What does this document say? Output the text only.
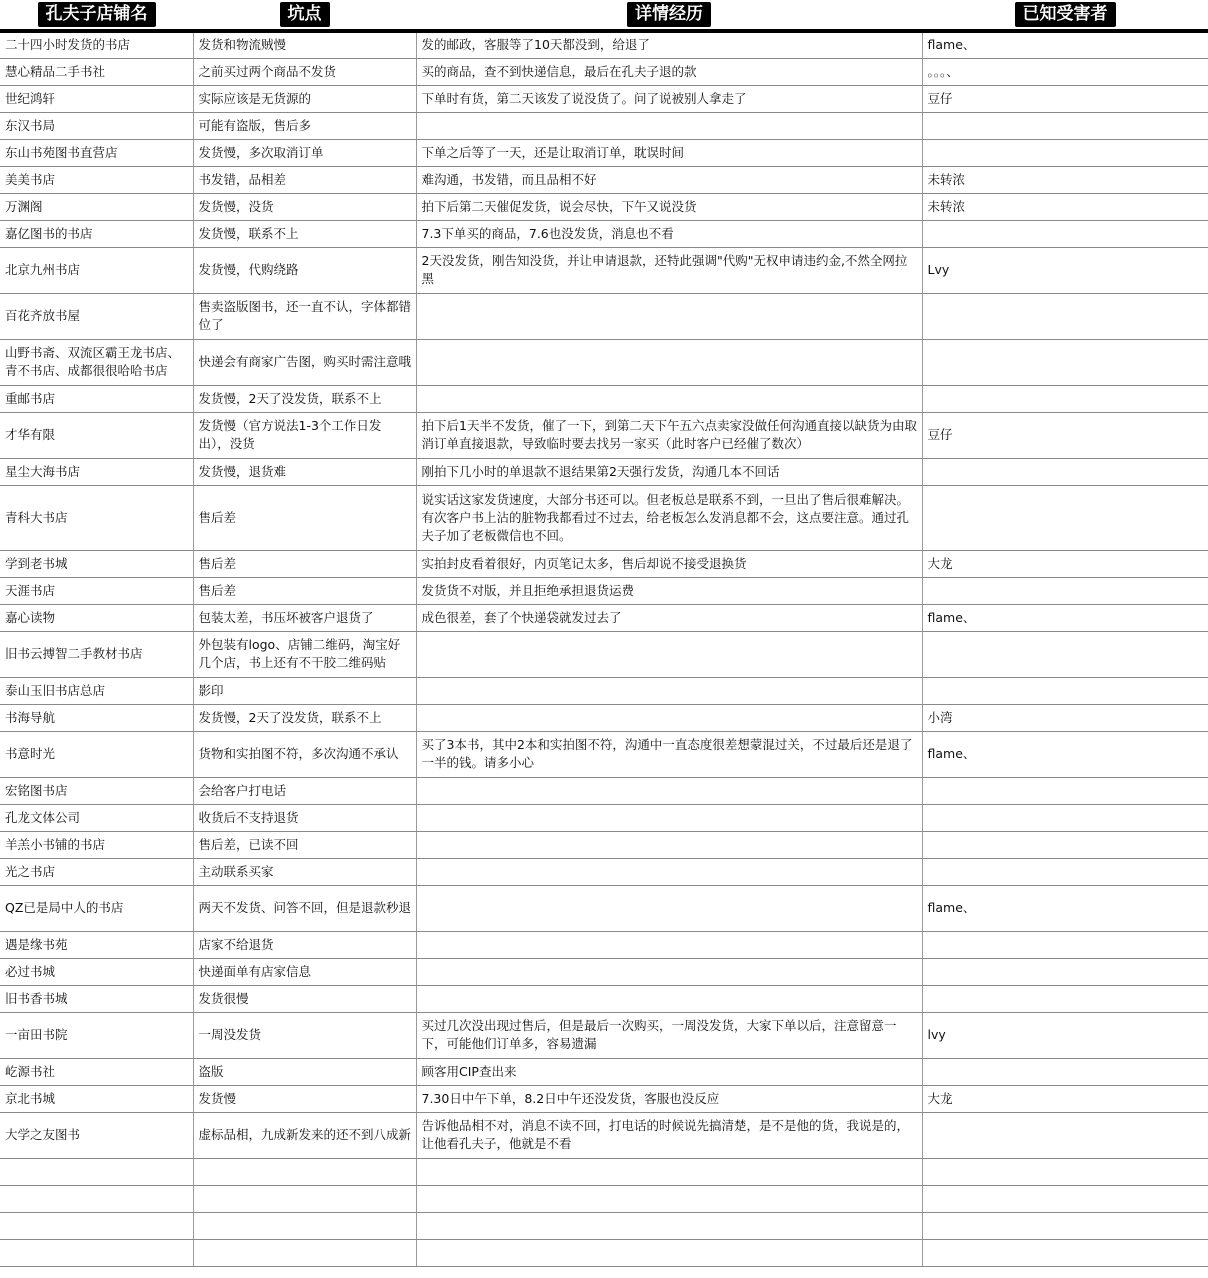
孔夫子店铺名	坑点	详情经历	已知受害者
二十四小时发货的书店	发货和物流贼慢	发的邮政，客服等了10天都没到，给退了	flame、
慧心精品二手书社	之前买过两个商品不发货	买的商品，查不到快递信息，最后在孔夫子退的款	。。。、
世纪鸿轩	实际应该是无货源的	下单时有货，第二天该发了说没货了。问了说被别人拿走了	豆仔
东汉书局	可能有盗版，售后多		
东山书苑图书直营店	发货慢，多次取消订单	下单之后等了一天，还是让取消订单，耽误时间	
美美书店	书发错，品相差	难沟通，书发错，而且品相不好	未转浓
万渊阁	发货慢，没货	拍下后第二天催促发货，说会尽快，下午又说没货	未转浓
嘉亿图书的书店	发货慢，联系不上	7.3下单买的商品，7.6也没发货，消息也不看	
北京九州书店	发货慢，代购绕路	2天没发货，刚告知没货，并让申请退款，还特此强调"代购"无权申请违约金,不然全网拉黑	Lvy
百花齐放书屋	售卖盗版图书，还一直不认，字体都错位了		
山野书斋、双流区霸王龙书店、青不书店、成都很很哈哈书店	快递会有商家广告图，购买时需注意哦		
重邮书店	发货慢，2天了没发货，联系不上		
才华有限	发货慢（官方说法1-3个工作日发出），没货	拍下后1天半不发货，催了一下，到第二天下午五六点卖家没做任何沟通直接以缺货为由取消订单直接退款，导致临时要去找另一家买（此时客户已经催了数次）	豆仔
星尘大海书店	发货慢，退货难	刚拍下几小时的单退款不退结果第2天强行发货，沟通几本不回话	
青科大书店	售后差	说实话这家发货速度，大部分书还可以。但老板总是联系不到，一旦出了售后很难解决。有次客户书上沾的脏物我都看过不过去，给老板怎么发消息都不会，这点要注意。通过孔夫子加了老板微信也不回。	
学到老书城	售后差	实拍封皮看着很好，内页笔记太多，售后却说不接受退换货	大龙
天涯书店	售后差	发货货不对版，并且拒绝承担退货运费	
嘉心读物	包装太差，书压坏被客户退货了	成色很差，套了个快递袋就发过去了	flame、
旧书云搏智二手教材书店	外包装有logo、店铺二维码，淘宝好几个店，书上还有不干胶二维码贴		
泰山玉旧书店总店	影印		
书海导航	发货慢，2天了没发货，联系不上		小湾
书意时光	货物和实拍图不符，多次沟通不承认	买了3本书，其中2本和实拍图不符，沟通中一直态度很差想蒙混过关，不过最后还是退了一半的钱。请多小心	flame、
宏铭图书店	会给客户打电话		
孔龙文体公司	收货后不支持退货		
羊羔小书铺的书店	售后差，已读不回		
光之书店	主动联系买家		
QZ已是局中人的书店	两天不发货、问答不回，但是退款秒退		flame、
遇是缘书苑	店家不给退货		
必过书城	快递面单有店家信息		
旧书香书城	发货很慢		
一亩田书院	一周没发货	买过几次没出现过售后，但是最后一次购买，一周没发货，大家下单以后，注意留意一下，可能他们订单多，容易遗漏	lvy
屹源书社	盗版	顾客用CIP查出来	
京北书城	发货慢	7.30日中午下单，8.2日中午还没发货，客服也没反应	大龙
大学之友图书	虚标品相，九成新发来的还不到八成新	告诉他品相不对，消息不读不回，打电话的时候说先搞清楚，是不是他的货，我说是的，让他看孔夫子，他就是不看	
